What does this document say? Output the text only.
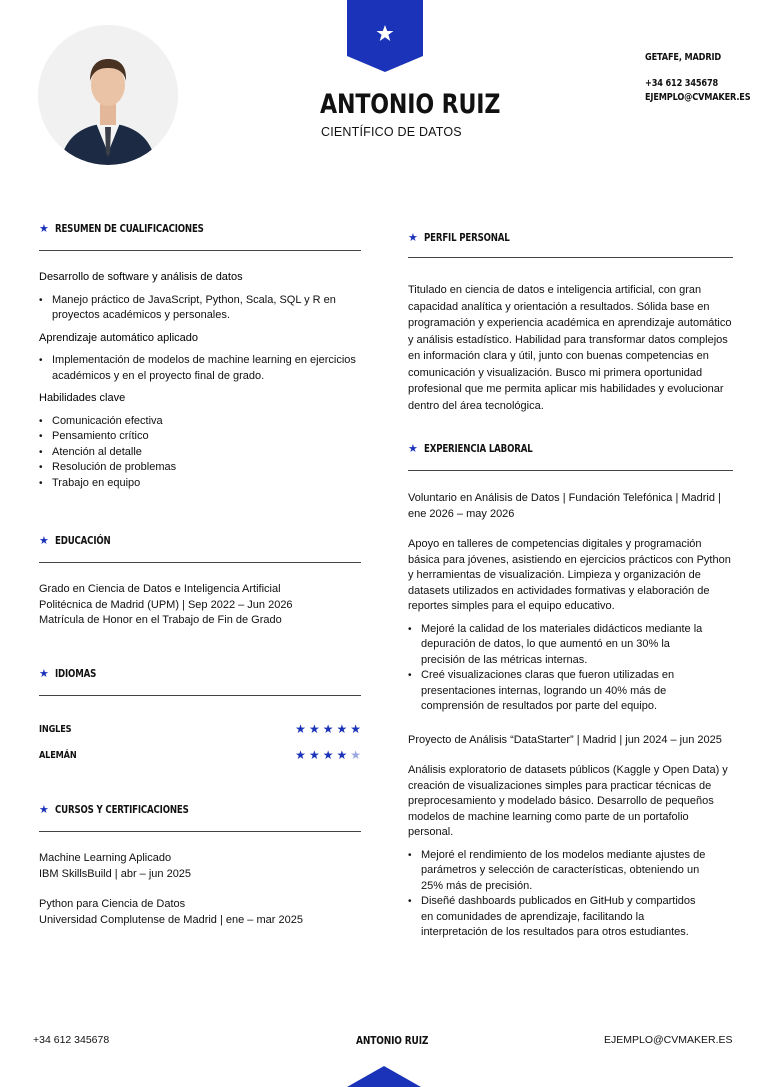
ANTONIO RUIZ
CIENTÍFICO DE DATOS
GETAFE, MADRID
+34 612 345678
EJEMPLO@CVMAKER.ES
★ RESUMEN DE CUALIFICACIONES
Desarrollo de software y análisis de datos
• Manejo práctico de JavaScript, Python, Scala, SQL y R en proyectos académicos y personales.
Aprendizaje automático aplicado
• Implementación de modelos de machine learning en ejercicios académicos y en el proyecto final de grado.
Habilidades clave
• Comunicación efectiva
• Pensamiento crítico
• Atención al detalle
• Resolución de problemas
• Trabajo en equipo
★ EDUCACIÓN
Grado en Ciencia de Datos e Inteligencia Artificial
Politécnica de Madrid (UPM) | Sep 2022 – Jun 2026
Matrícula de Honor en el Trabajo de Fin de Grado
★ IDIOMAS
INGLES	★ ★ ★ ★ ★
ALEMÁN	★ ★ ★ ★ ★
★ CURSOS Y CERTIFICACIONES
Machine Learning Aplicado
IBM SkillsBuild | abr – jun 2025
Python para Ciencia de Datos
Universidad Complutense de Madrid | ene – mar 2025
★ PERFIL PERSONAL
Titulado en ciencia de datos e inteligencia artificial, con gran capacidad analítica y orientación a resultados. Sólida base en programación y experiencia académica en aprendizaje automático y análisis estadístico. Habilidad para transformar datos complejos en información clara y útil, junto con buenas competencias en comunicación y visualización. Busco mi primera oportunidad profesional que me permita aplicar mis habilidades y evolucionar dentro del área tecnológica.
★ EXPERIENCIA LABORAL
Voluntario en Análisis de Datos | Fundación Telefónica | Madrid | ene 2026 – may 2026
Apoyo en talleres de competencias digitales y programación básica para jóvenes, asistiendo en ejercicios prácticos con Python y herramientas de visualización. Limpieza y organización de datasets utilizados en actividades formativas y elaboración de reportes simples para el equipo educativo.
• Mejoré la calidad de los materiales didácticos mediante la depuración de datos, lo que aumentó en un 30% la precisión de las métricas internas.
• Creé visualizaciones claras que fueron utilizadas en presentaciones internas, logrando un 40% más de comprensión de resultados por parte del equipo.
Proyecto de Análisis “DataStarter” | Madrid | jun 2024 – jun 2025
Análisis exploratorio de datasets públicos (Kaggle y Open Data) y creación de visualizaciones simples para practicar técnicas de preprocesamiento y modelado básico. Desarrollo de pequeños modelos de machine learning como parte de un portafolio personal.
• Mejoré el rendimiento de los modelos mediante ajustes de parámetros y selección de características, obteniendo un 25% más de precisión.
• Diseñé dashboards publicados en GitHub y compartidos en comunidades de aprendizaje, facilitando la interpretación de los resultados para otros estudiantes.
+34 612 345678	ANTONIO RUIZ	EJEMPLO@CVMAKER.ES
